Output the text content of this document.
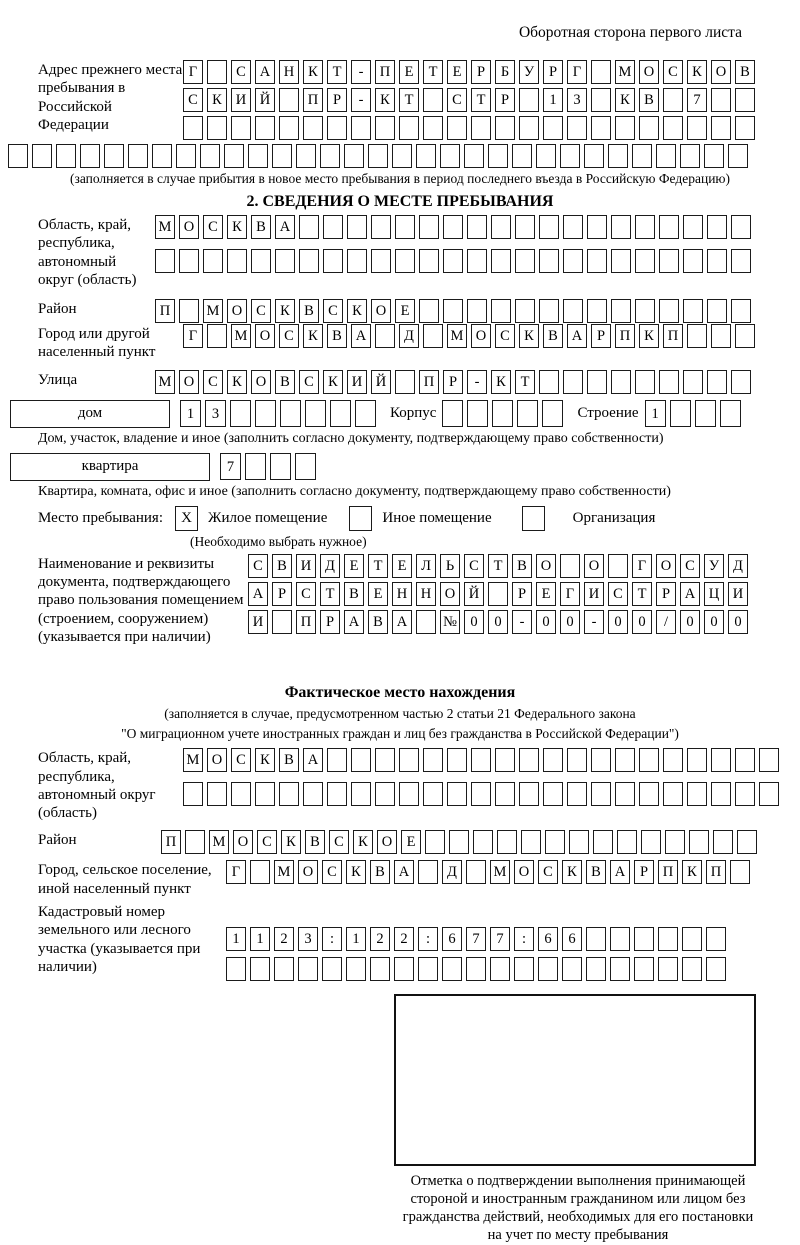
Оборотная сторона первого листа
Адрес прежнего места пребывания в Российской Федерации
Г	С А Н К	Т	-	П Е	Т	Е	Р	Б	У	Р	Г	М О С К О В
С К И Й	П	Р	-	К	Т	С	Т	Р	1	3	К В	7
(заполняется в случае прибытия в новое место пребывания в период последнего въезда в Российскую Федерацию)
2. СВЕДЕНИЯ О МЕСТЕ ПРЕБЫВАНИЯ
Область, край, республика, автономный округ (область)
М О С К В А
Район	П	М О С К В С К О Е
Город или другой населенный пункт
Г	М О С К В А	Д	М О С К В А	Р	П К П
Улица	М О С К О В С К И Й	П	Р	-	К	Т
дом	1	3	Корпус	Строение 1
Дом, участок, владение и иное (заполнить согласно документу, подтверждающему право собственности)
квартира	7
Квартира, комната, офис и иное (заполнить согласно документу, подтверждающему право собственности)
Место пребывания:	X	Жилое помещение	Иное помещение	Организация
(Необходимо выбрать нужное)
Наименование и реквизиты документа, подтверждающего право пользования помещением (строением, сооружением) (указывается при наличии)
С В И Д	Е	Т	Е	Л	Ь	С	Т	В О	О	Г	О С У Д
А	Р	С	Т	В	Е Н Н О Й	Р	Е	Г	И С	Т	Р	А Ц И
И	П	Р	А В А	№ 0	0	-	0	0	-	0	0	/	0	0	0
Фактическое место нахождения
(заполняется в случае, предусмотренном частью 2 статьи 21 Федерального закона
"О миграционном учете иностранных граждан и лиц без гражданства в Российской Федерации")
Область, край, республика, автономный округ (область)
М О С К В А
Район	П	М О С К В С К О Е
Город, сельское поселение, иной населенный пункт
Г	М О С К В А	Д	М О С К В А	Р	П К П
Кадастровый номер земельного или лесного участка (указывается при наличии)
1	1	2	3	:	1	2	2	:	6	7	7	:	6	6
Отметка о подтверждении выполнения принимающей стороной и иностранным гражданином или лицом без гражданства действий, необходимых для его постановки на учет по месту пребывания
